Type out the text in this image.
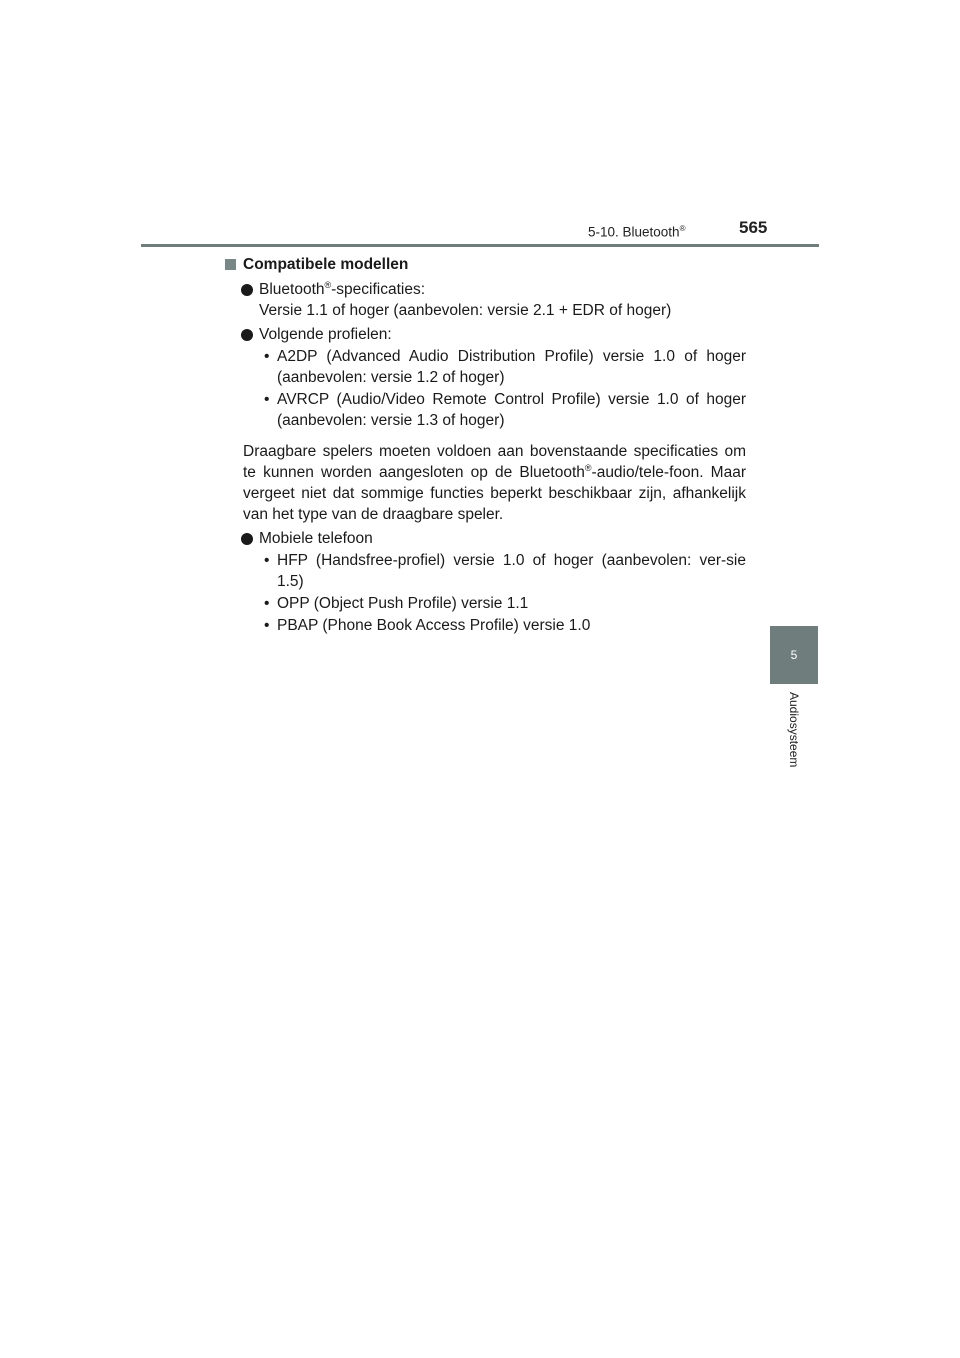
5-10. Bluetooth®	565
5
Audiosysteem
Compatibele modellen
Bluetooth®-specificaties:
Versie 1.1 of hoger (aanbevolen: versie 2.1 + EDR of hoger)
Volgende profielen:
• A2DP (Advanced Audio Distribution Profile) versie 1.0 of hoger (aanbevolen: versie 1.2 of hoger)
• AVRCP (Audio/Video Remote Control Profile) versie 1.0 of hoger (aanbevolen: versie 1.3 of hoger)
Draagbare spelers moeten voldoen aan bovenstaande specificaties om te kunnen worden aangesloten op de Bluetooth®-audio/tele-foon. Maar vergeet niet dat sommige functies beperkt beschikbaar zijn, afhankelijk van het type van de draagbare speler.
Mobiele telefoon
• HFP (Handsfree-profiel) versie 1.0 of hoger (aanbevolen: ver-sie 1.5)
• OPP (Object Push Profile) versie 1.1
• PBAP (Phone Book Access Profile) versie 1.0
